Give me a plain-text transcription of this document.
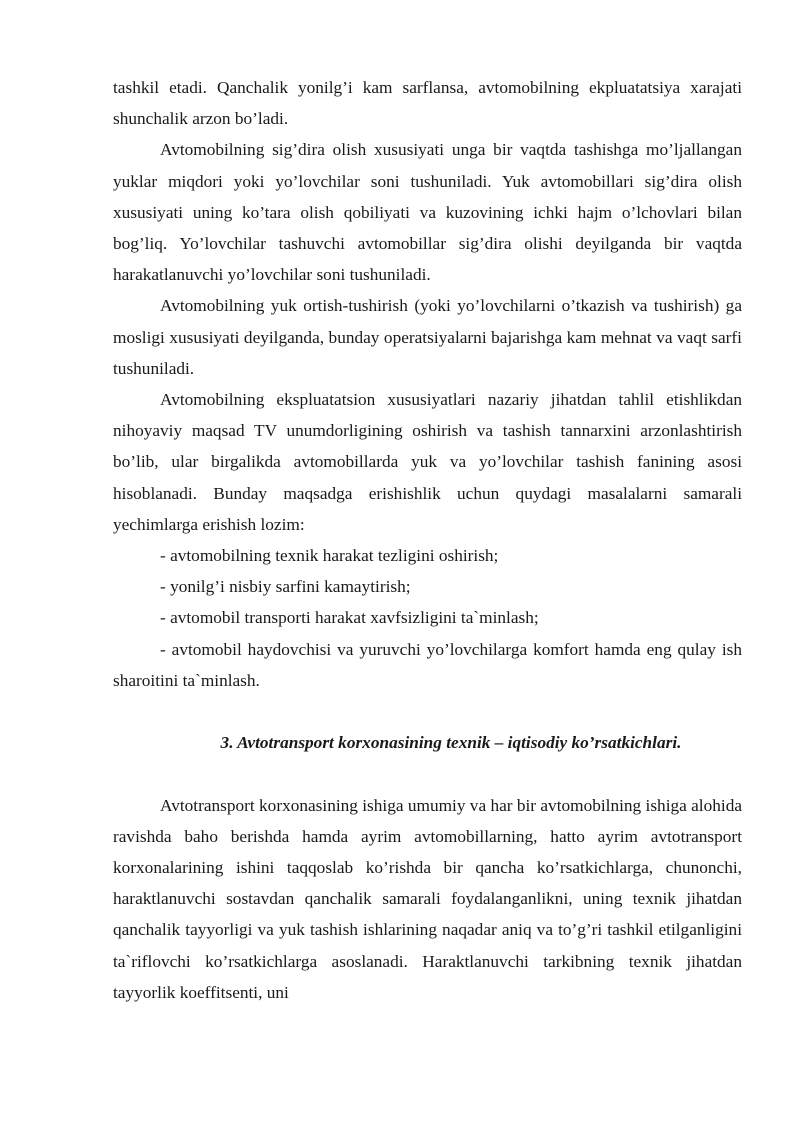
tashkil etadi. Qanchalik yonilg’i kam sarflansa, avtomobilning ekpluatatsiya xarajati shunchalik arzon bo’ladi.

Avtomobilning sig’dira olish xususiyati unga bir vaqtda tashishga mo’ljallangan yuklar miqdori yoki yo’lovchilar soni tushuniladi. Yuk avtomobillari sig’dira olish xususiyati uning ko’tara olish qobiliyati va kuzovining ichki hajm o’lchovlari bilan bog’liq. Yo’lovchilar tashuvchi avtomobillar sig’dira olishi deyilganda bir vaqtda harakatlanuvchi yo’lovchilar soni tushuniladi.

Avtomobilning yuk ortish-tushirish (yoki yo’lovchilarni o’tkazish va tushirish) ga mosligi xususiyati deyilganda, bunday operatsiyalarni bajarishga kam mehnat va vaqt sarfi tushuniladi.

Avtomobilning ekspluatatsion xususiyatlari nazariy jihatdan tahlil etishlikdan nihoyaviy maqsad TV unumdorligining oshirish va tashish tannarxini arzonlashtirish bo’lib, ular birgalikda avtomobillarda yuk va yo’lovchilar tashish fanining asosi hisoblanadi. Bunday maqsadga erishishlik uchun quydagi masalalarni samarali yechimlarga erishish lozim:

- avtomobilning texnik harakat tezligini oshirish;

- yonilg’i nisbiy sarfini kamaytirish;

- avtomobil transporti harakat xavfsizligini ta`minlash;

- avtomobil haydovchisi va yuruvchi yo’lovchilarga komfort hamda eng qulay ish sharoitini ta`minlash.

3. Avtotransport korxonasining texnik – iqtisodiy ko’rsatkichlari.

Avtotransport korxonasining ishiga umumiy va har bir avtomobilning ishiga alohida ravishda baho berishda hamda ayrim avtomobillarning, hatto ayrim avtotransport korxonalarining ishini taqqoslab ko’rishda bir qancha ko’rsatkichlarga, chunonchi, haraktlanuvchi sostavdan qanchalik samarali foydalanganlikni, uning texnik jihatdan qanchalik tayyorligi va yuk tashish ishlarining naqadar aniq va to’g’ri tashkil etilganligini ta`riflovchi ko’rsatkichlarga asoslanadi. Haraktlanuvchi tarkibning texnik jihatdan tayyorlik koeffitsenti, uni
